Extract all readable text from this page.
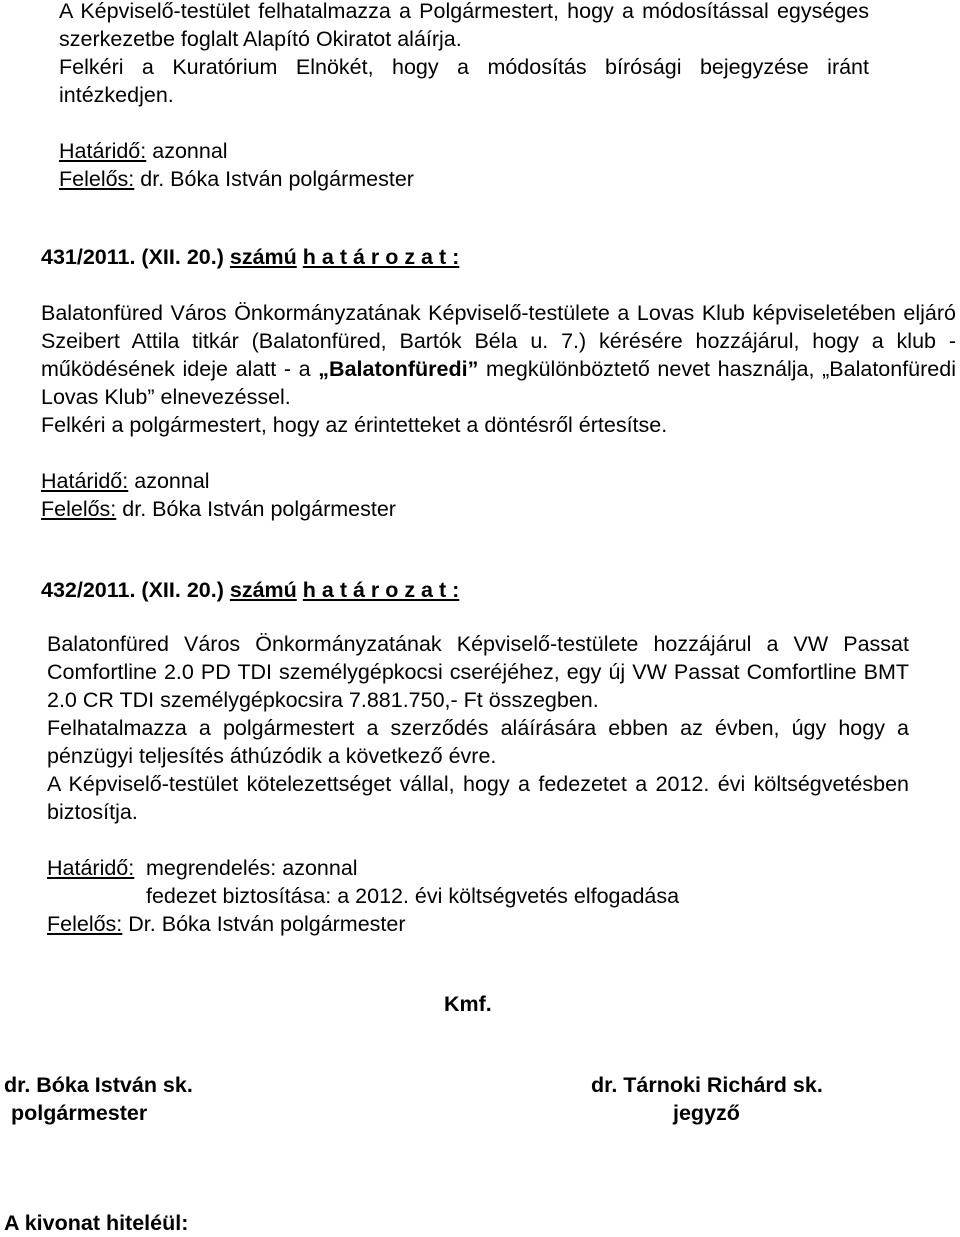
A Képviselő-testület felhatalmazza a Polgármestert, hogy a módosítással egységes szerkezetbe foglalt Alapító Okiratot aláírja.

Felkéri a Kuratórium Elnökét, hogy a módosítás bírósági bejegyzése iránt intézkedjen.

Határidő: azonnal

Felelős: dr. Bóka István polgármester

431/2011. (XII. 20.) számú h a t á r o z a t :

Balatonfüred Város Önkormányzatának Képviselő-testülete a Lovas Klub képviseletében eljáró Szeibert Attila titkár (Balatonfüred, Bartók Béla u. 7.) kérésére hozzájárul, hogy a klub - működésének ideje alatt - a „Balatonfüredi” megkülönböztető nevet használja, „Balatonfüredi Lovas Klub” elnevezéssel.

Felkéri a polgármestert, hogy az érintetteket a döntésről értesítse.

Határidő: azonnal

Felelős: dr. Bóka István polgármester

432/2011. (XII. 20.) számú h a t á r o z a t :

Balatonfüred Város Önkormányzatának Képviselő-testülete hozzájárul a VW Passat Comfortline 2.0 PD TDI személygépkocsi cseréjéhez, egy új VW Passat Comfortline BMT 2.0 CR TDI személygépkocsira 7.881.750,- Ft összegben.

Felhatalmazza a polgármestert a szerződés aláírására ebben az évben, úgy hogy a pénzügyi teljesítés áthúzódik a következő évre.

A Képviselő-testület kötelezettséget vállal, hogy a fedezetet a 2012. évi költségvetésben biztosítja.

Határidő: megrendelés: azonnal

fedezet biztosítása: a 2012. évi költségvetés elfogadása

Felelős: Dr. Bóka István polgármester

Kmf.
dr. Bóka István sk.
polgármester
dr. Tárnoki Richárd sk.
jegyző
A kivonat hiteléül:
